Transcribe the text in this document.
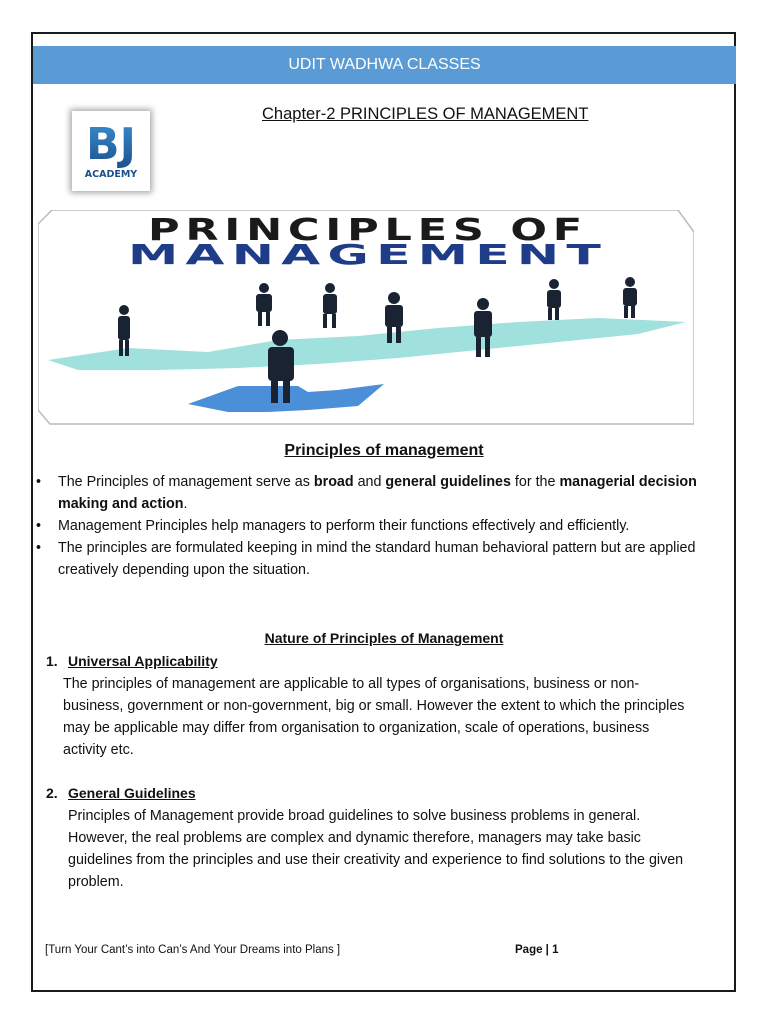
UDIT WADHWA CLASSES
BJ
ACADEMY
Chapter-2 PRINCIPLES OF MANAGEMENT
PRINCIPLES OF
MANAGEMENT
Principles of management
• The Principles of management serve as broad and general guidelines for the managerial decision making and action.
• Management Principles help managers to perform their functions effectively and efficiently.
• The principles are formulated keeping in mind the standard human behavioral pattern but are applied creatively depending upon the situation.
Nature of Principles of Management
1. Universal Applicability
The principles of management are applicable to all types of organisations, business or non-business, government or non-government, big or small. However the extent to which the principles may be applicable may differ from organisation to organization, scale of operations, business activity etc.
2. General Guidelines
Principles of Management provide broad guidelines to solve business problems in general. However, the real problems are complex and dynamic therefore, managers may take basic guidelines from the principles and use their creativity and experience to find solutions to the given problem.
[Turn Your Cant’s into Can’s And Your Dreams into Plans ]	Page | 1
